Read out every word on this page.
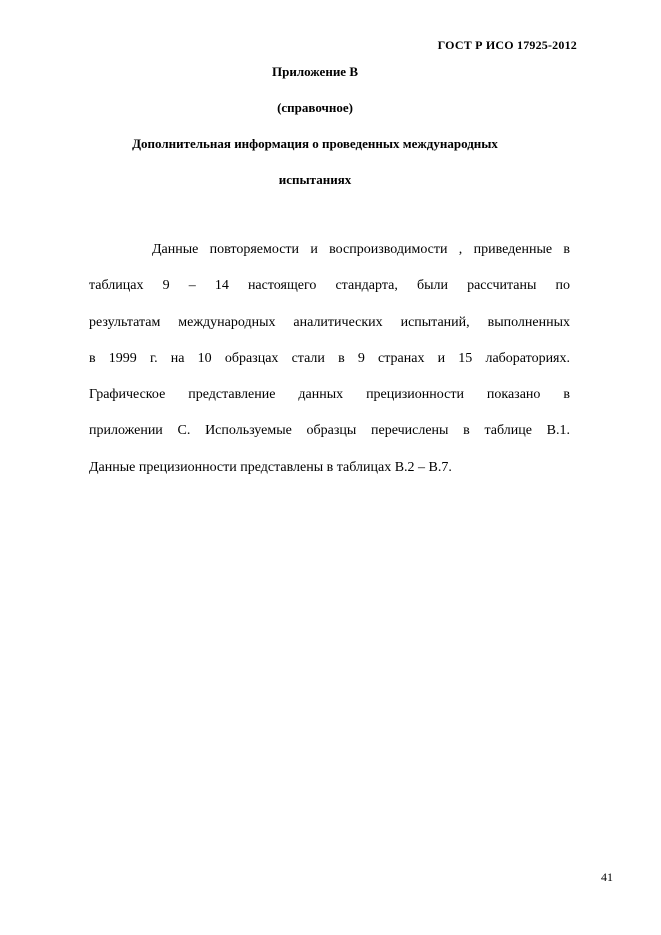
ГОСТ Р ИСО 17925-2012
Приложение В
(справочное)
Дополнительная информация о проведенных международных
испытаниях
Данные повторяемости и воспроизводимости , приведенные в
таблицах 9 – 14 настоящего стандарта, были рассчитаны по
результатам международных аналитических испытаний, выполненных
в 1999 г. на 10 образцах стали в 9 странах и 15 лабораториях.
Графическое представление данных прецизионности показано в
приложении С. Используемые образцы перечислены в таблице В.1.
Данные прецизионности представлены в таблицах В.2 – В.7.
41
